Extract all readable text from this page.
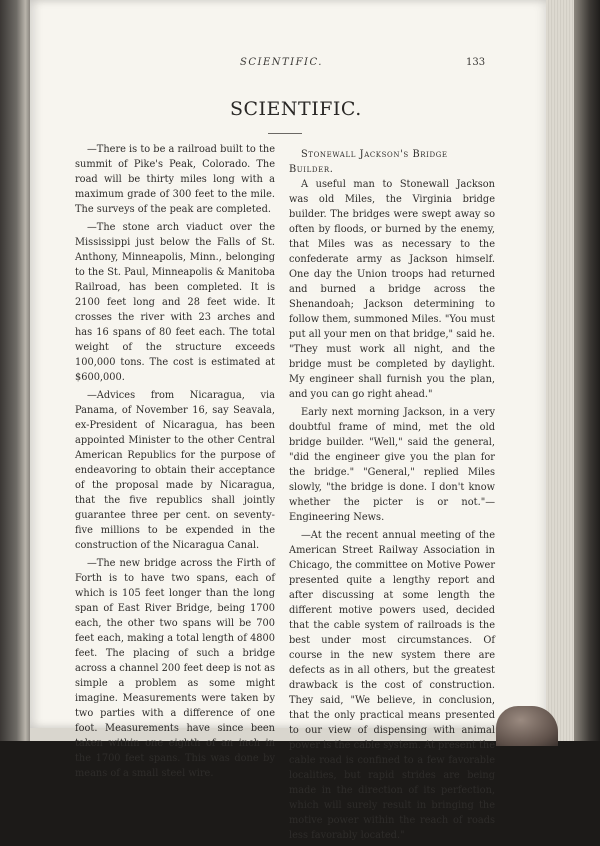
SCIENTIFIC.	133
SCIENTIFIC.

—There is to be a railroad built to the summit of Pike's Peak, Colorado. The road will be thirty miles long with a maximum grade of 300 feet to the mile. The surveys of the peak are completed.

—The stone arch viaduct over the Mississippi just below the Falls of St. Anthony, Minneapolis, Minn., belonging to the St. Paul, Minneapolis & Manitoba Railroad, has been completed. It is 2100 feet long and 28 feet wide. It crosses the river with 23 arches and has 16 spans of 80 feet each. The total weight of the structure exceeds 100,000 tons. The cost is estimated at $600,000.

—Advices from Nicaragua, via Panama, of November 16, say Seavala, ex-President of Nicaragua, has been appointed Minister to the other Central American Republics for the purpose of endeavoring to obtain their acceptance of the proposal made by Nicaragua, that the five republics shall jointly guarantee three per cent. on seventy-five millions to be expended in the construction of the Nicaragua Canal.

—The new bridge across the Firth of Forth is to have two spans, each of which is 105 feet longer than the long span of East River Bridge, being 1700 each, the other two spans will be 700 feet each, making a total length of 4800 feet. The placing of such a bridge across a channel 200 feet deep is not as simple a problem as some might imagine. Measurements were taken by two parties with a difference of one foot. Measurements have since been taken within one eighth of an inch in the 1700 feet spans. This was done by means of a small steel wire.

Stonewall Jackson's Bridge Builder.

A useful man to Stonewall Jackson was old Miles, the Virginia bridge builder. The bridges were swept away so often by floods, or burned by the enemy, that Miles was as necessary to the confederate army as Jackson himself. One day the Union troops had returned and burned a bridge across the Shenandoah; Jackson determining to follow them, summoned Miles. "You must put all your men on that bridge," said he. "They must work all night, and the bridge must be completed by daylight. My engineer shall furnish you the plan, and you can go right ahead."

Early next morning Jackson, in a very doubtful frame of mind, met the old bridge builder. "Well," said the general, "did the engineer give you the plan for the bridge." "General," replied Miles slowly, "the bridge is done. I don't know whether the picter is or not."—Engineering News.

—At the recent annual meeting of the American Street Railway Association in Chicago, the committee on Motive Power presented quite a lengthy report and after discussing at some length the different motive powers used, decided that the cable system of railroads is the best under most circumstances. Of course in the new system there are defects as in all others, but the greatest drawback is the cost of construction. They said, "We believe, in conclusion, that the only practical means presented to our view of dispensing with animal power is the cable system. At present the cable road is confined to a few favorable localities, but rapid strides are being made in the direction of its perfection, which will surely result in bringing the motive power within the reach of roads less favorably located."
